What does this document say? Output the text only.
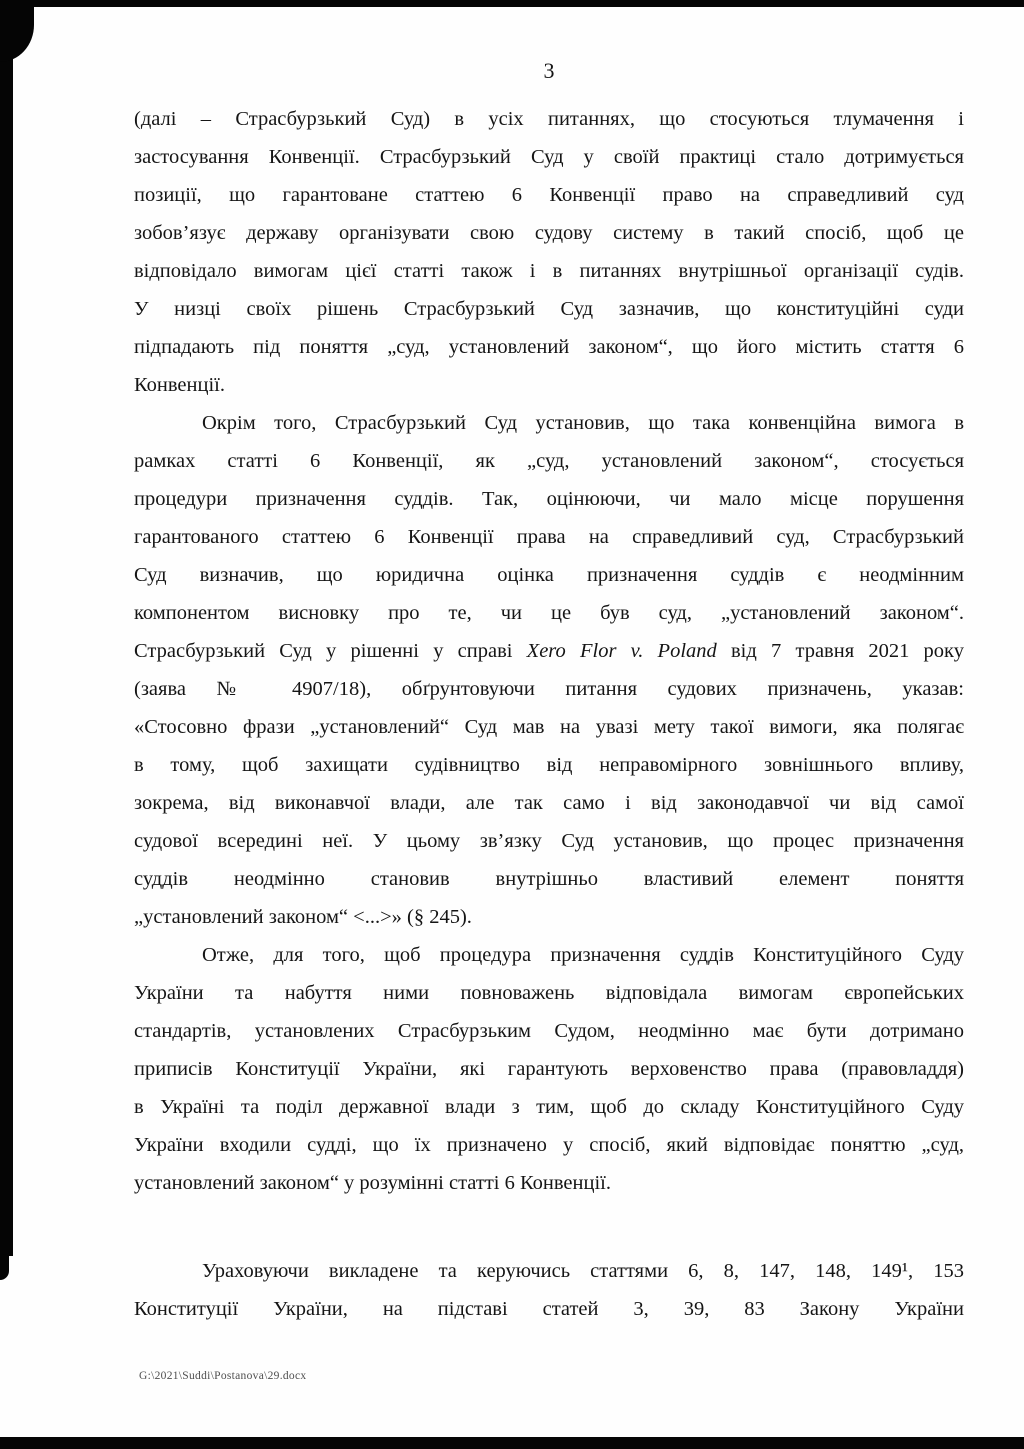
3
(далі – Страсбурзький Суд) в усіх питаннях, що стосуються тлумачення і
застосування Конвенції. Страсбурзький Суд у своїй практиці стало дотримується
позиції, що гарантоване статтею 6 Конвенції право на справедливий суд
зобов’язує державу організувати свою судову систему в такий спосіб, щоб це
відповідало вимогам цієї статті також і в питаннях внутрішньої організації судів.
У низці своїх рішень Страсбурзький Суд зазначив, що конституційні суди
підпадають під поняття „суд, установлений законом“, що його містить стаття 6
Конвенції.
Окрім того, Страсбурзький Суд установив, що така конвенційна вимога в
рамках статті 6 Конвенції, як „суд, установлений законом“, стосується
процедури призначення суддів. Так, оцінюючи, чи мало місце порушення
гарантованого статтею 6 Конвенції права на справедливий суд, Страсбурзький
Суд визначив, що юридична оцінка призначення суддів є неодмінним
компонентом висновку про те, чи це був суд, „установлений законом“.
Страсбурзький Суд у рішенні у справі Xero Flor v. Poland від 7 травня 2021 року
(заява № 4907/18), обґрунтовуючи питання судових призначень, указав:
«Стосовно фрази „установлений“ Суд мав на увазі мету такої вимоги, яка полягає
в тому, щоб захищати судівництво від неправомірного зовнішнього впливу,
зокрема, від виконавчої влади, але так само і від законодавчої чи від самої
судової всередині неї. У цьому зв’язку Суд установив, що процес призначення
суддів неодмінно становив внутрішньо властивий елемент поняття
„установлений законом“ <...>» (§ 245).
Отже, для того, щоб процедура призначення суддів Конституційного Суду
України та набуття ними повноважень відповідала вимогам європейських
стандартів, установлених Страсбурзьким Судом, неодмінно має бути дотримано
приписів Конституції України, які гарантують верховенство права (правовладдя)
в Україні та поділ державної влади з тим, щоб до складу Конституційного Суду
України входили судді, що їх призначено у спосіб, який відповідає поняттю „суд,
установлений законом“ у розумінні статті 6 Конвенції.
Ураховуючи викладене та керуючись статтями 6, 8, 147, 148, 149¹, 153
Конституції України, на підставі статей 3, 39, 83 Закону України
G:\2021\Suddi\Postanova\29.docx
